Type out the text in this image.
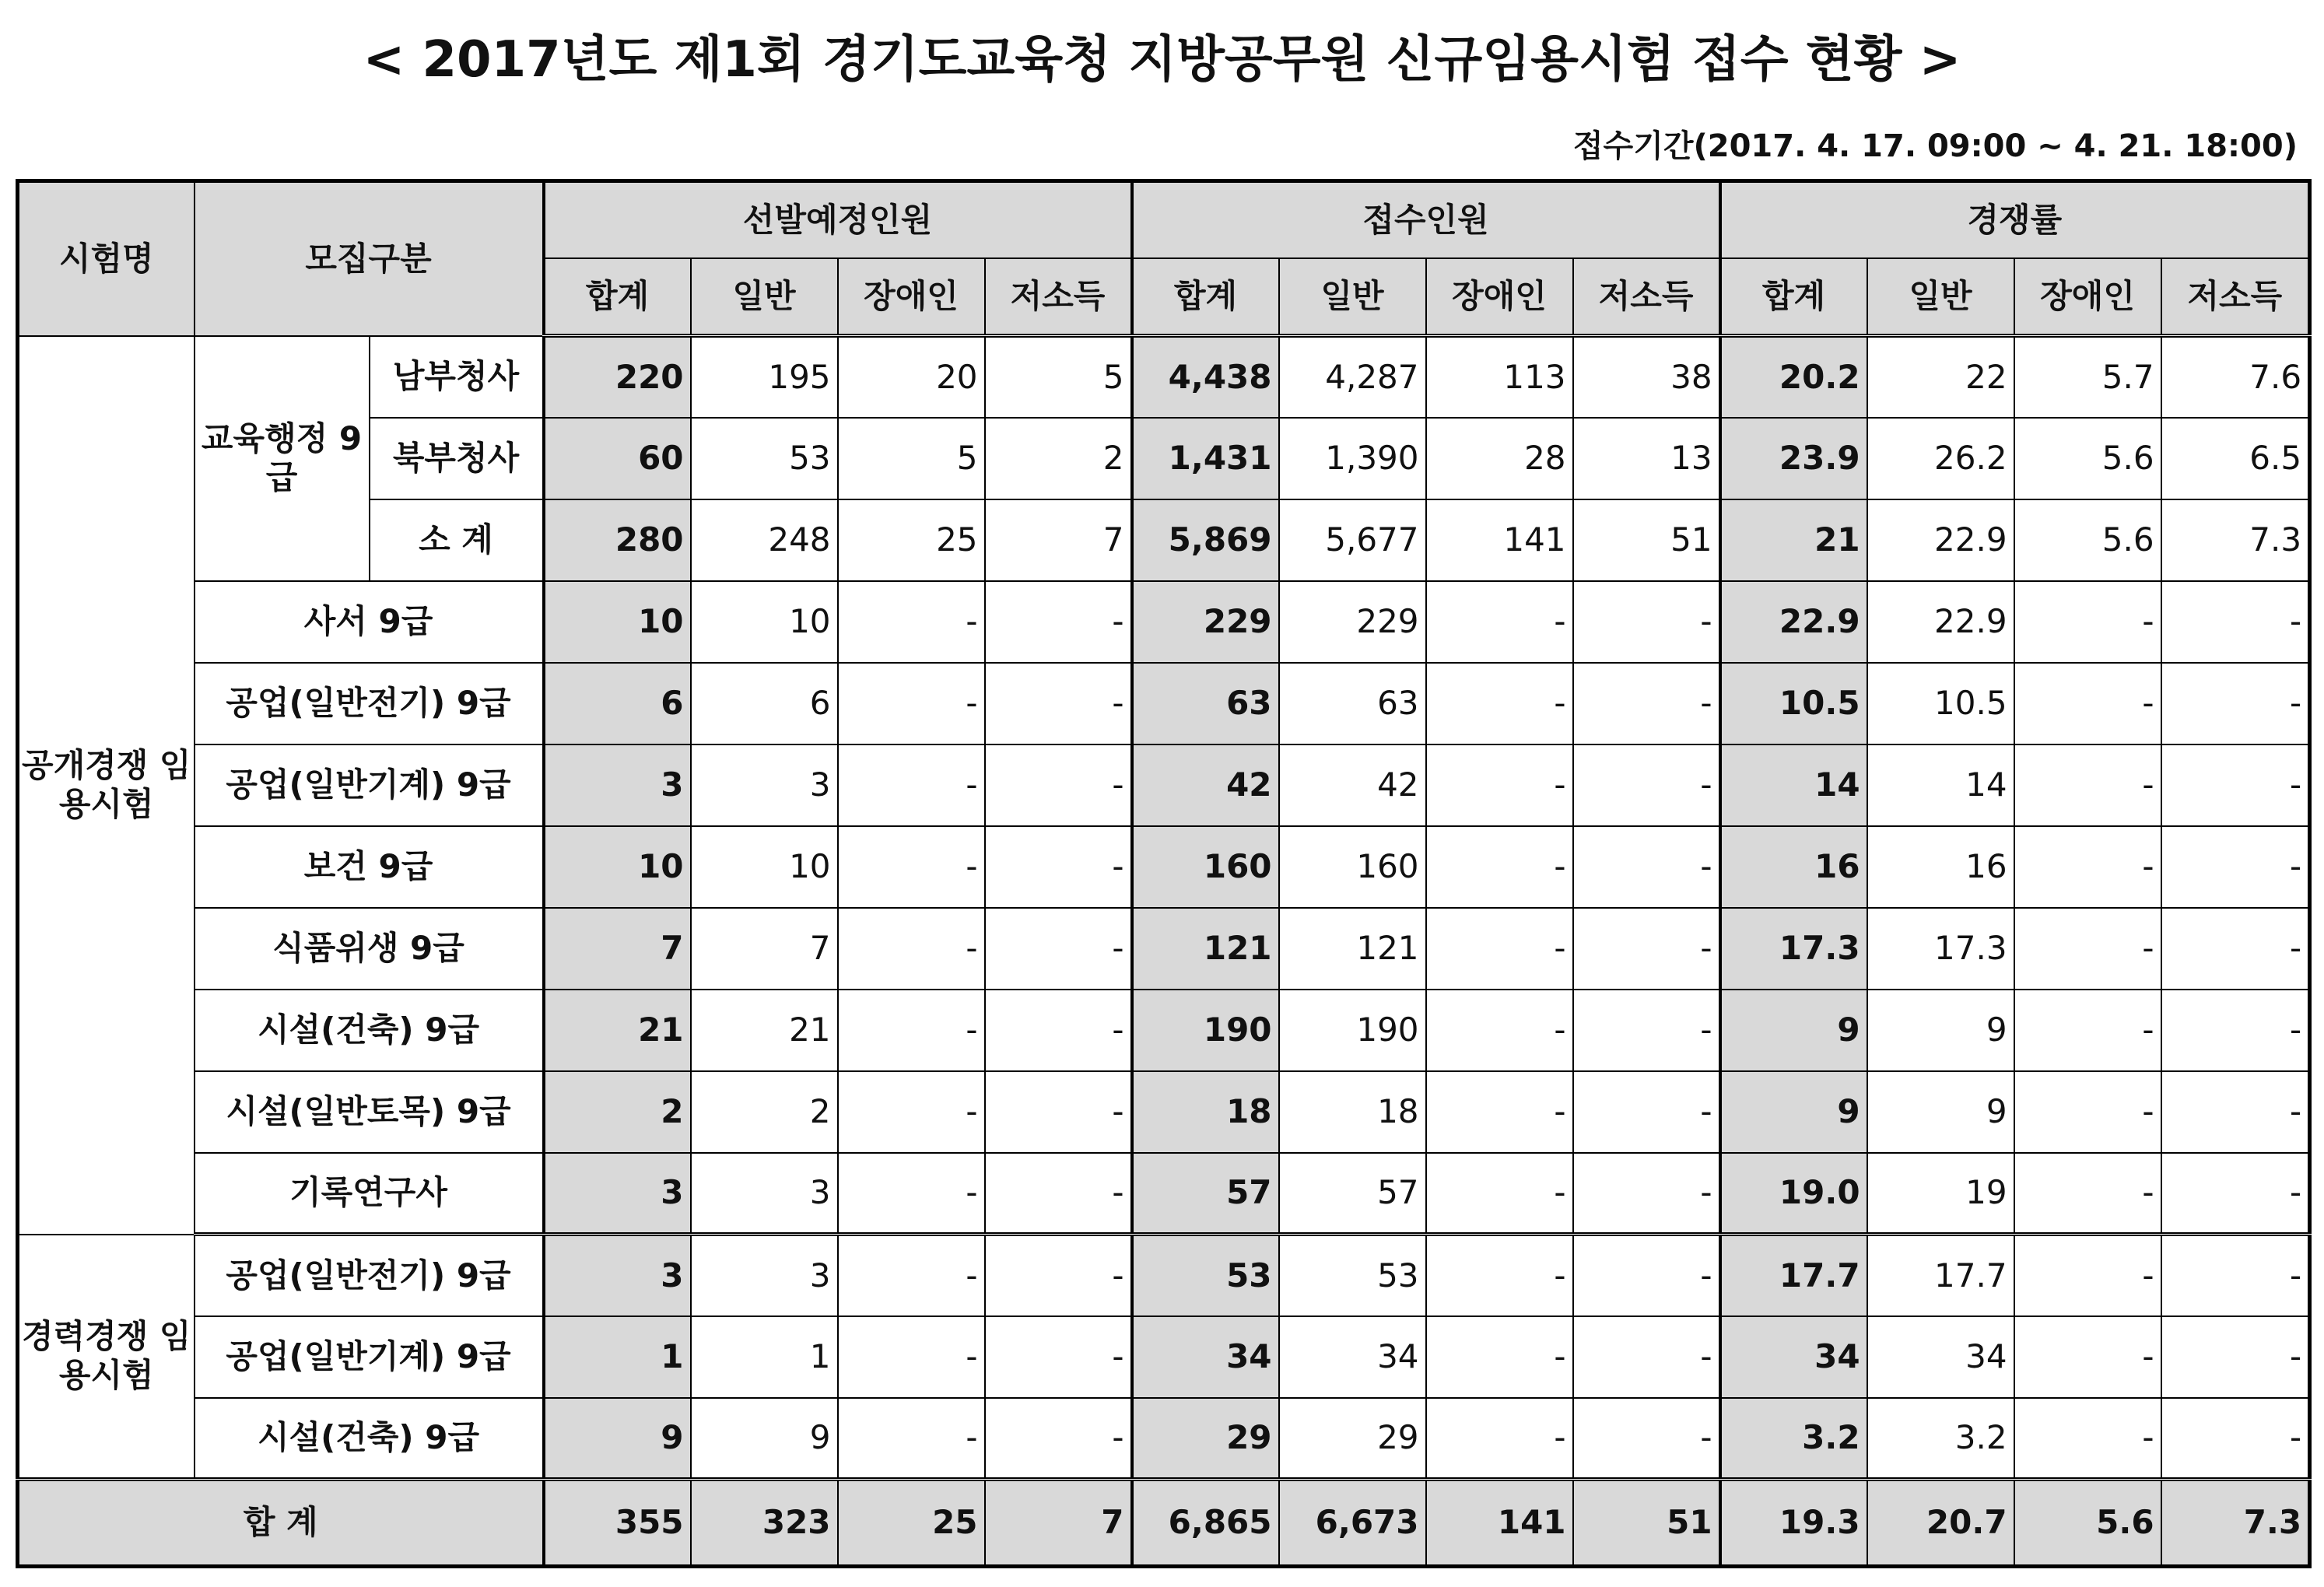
< 2017년도 제1회 경기도교육청 지방공무원 신규임용시험 접수 현황 >
접수기간(2017. 4. 17. 09:00 ~ 4. 21. 18:00)
시험명	모집구분		선발예정인원				접수인원				경쟁률			
			합계	일반	장애인	저소득	합계	일반	장애인	저소득	합계	일반	장애인	저소득
공개경쟁 임용시험	교육행정 9급	남부청사	220	195	20	5	4,438	4,287	113	38	20.2	22	5.7	7.6
		북부청사	60	53	5	2	1,431	1,390	28	13	23.9	26.2	5.6	6.5
		소 계	280	248	25	7	5,869	5,677	141	51	21	22.9	5.6	7.3
	사서 9급		10	10	-	-	229	229	-	-	22.9	22.9	-	-
	공업(일반전기) 9급		6	6	-	-	63	63	-	-	10.5	10.5	-	-
	공업(일반기계) 9급		3	3	-	-	42	42	-	-	14	14	-	-
	보건 9급		10	10	-	-	160	160	-	-	16	16	-	-
	식품위생 9급		7	7	-	-	121	121	-	-	17.3	17.3	-	-
	시설(건축) 9급		21	21	-	-	190	190	-	-	9	9	-	-
	시설(일반토목) 9급		2	2	-	-	18	18	-	-	9	9	-	-
	기록연구사		3	3	-	-	57	57	-	-	19.0	19	-	-
경력경쟁 임용시험	공업(일반전기) 9급		3	3	-	-	53	53	-	-	17.7	17.7	-	-
	공업(일반기계) 9급		1	1	-	-	34	34	-	-	34	34	-	-
	시설(건축) 9급		9	9	-	-	29	29	-	-	3.2	3.2	-	-
합 계			355	323	25	7	6,865	6,673	141	51	19.3	20.7	5.6	7.3
